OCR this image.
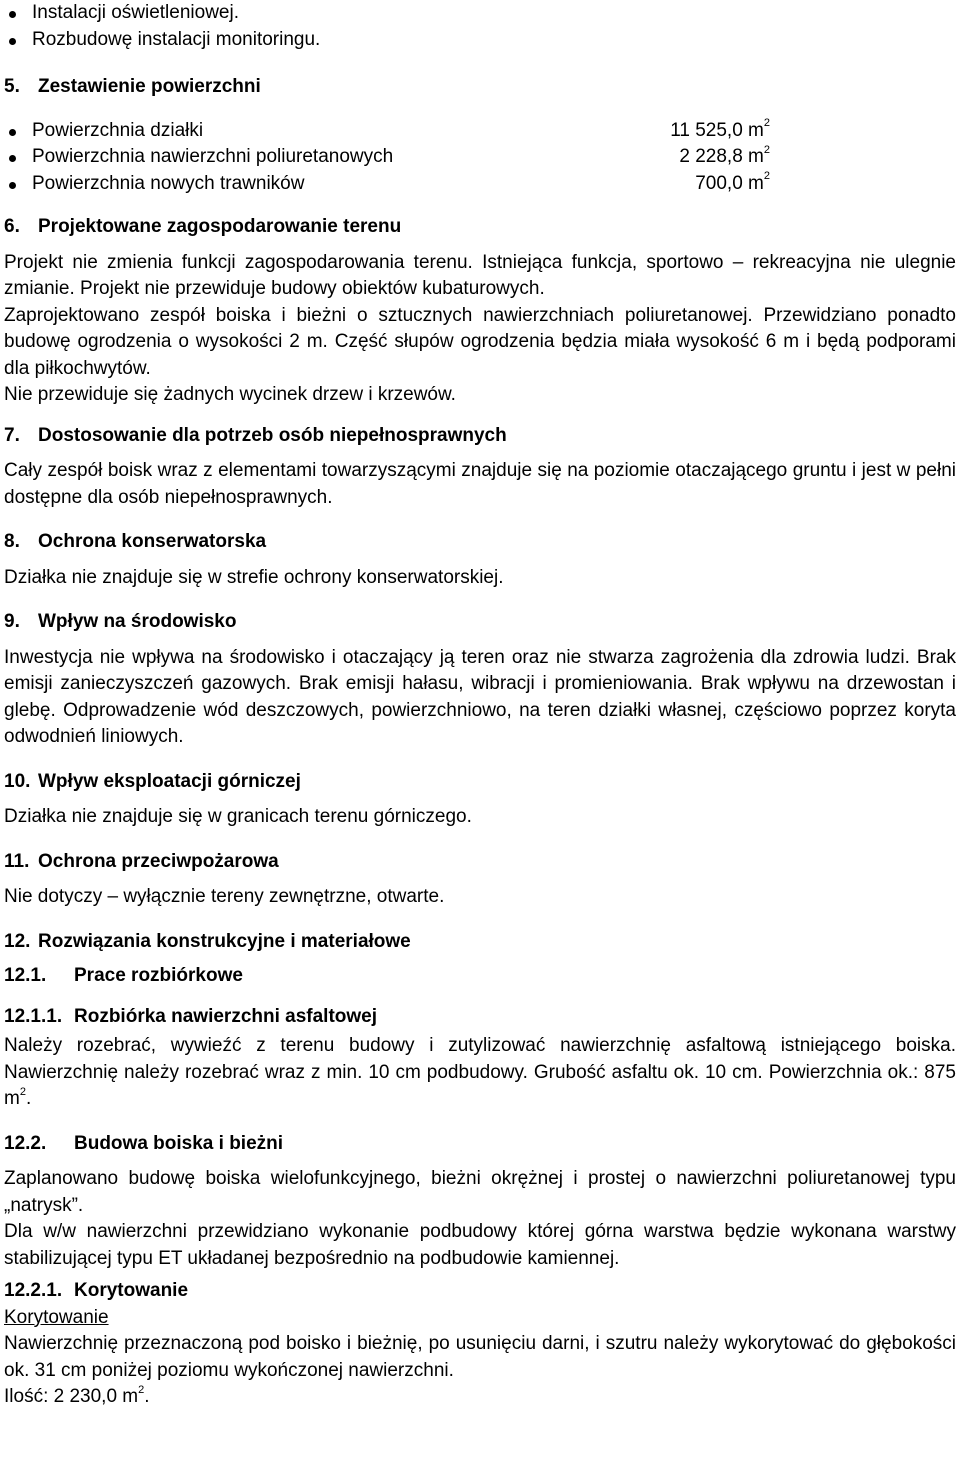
Instalacji oświetleniowej.
Rozbudowę instalacji monitoringu.
5. Zestawienie powierzchni
Powierzchnia działki	11 525,0 $m^2$
Powierzchnia nawierzchni poliuretanowych	2 228,8 $m^2$
Powierzchnia nowych trawników	700,0 $m^2$
6. Projektowane zagospodarowanie terenu

Projekt nie zmienia funkcji zagospodarowania terenu. Istniejąca funkcja, sportowo – rekreacyjna nie ulegnie zmianie. Projekt nie przewiduje budowy obiektów kubaturowych.

Zaprojektowano zespół boiska i bieżni o sztucznych nawierzchniach poliuretanowej. Przewidziano ponadto budowę ogrodzenia o wysokości 2 m. Część słupów ogrodzenia będzia miała wysokość 6 m i będą podporami dla piłkochwytów.

Nie przewiduje się żadnych wycinek drzew i krzewów.

7. Dostosowanie dla potrzeb osób niepełnosprawnych

Cały zespół boisk wraz z elementami towarzyszącymi znajduje się na poziomie otaczającego gruntu i jest w pełni dostępne dla osób niepełnosprawnych.

8. Ochrona konserwatorska

Działka nie znajduje się w strefie ochrony konserwatorskiej.

9. Wpływ na środowisko

Inwestycja nie wpływa na środowisko i otaczający ją teren oraz nie stwarza zagrożenia dla zdrowia ludzi. Brak emisji zanieczyszczeń gazowych. Brak emisji hałasu, wibracji i promieniowania. Brak wpływu na drzewostan i glebę. Odprowadzenie wód deszczowych, powierzchniowo, na teren działki własnej, częściowo poprzez koryta odwodnień liniowych.

10. Wpływ eksploatacji górniczej

Działka nie znajduje się w granicach terenu górniczego.

11. Ochrona przeciwpożarowa

Nie dotyczy – wyłącznie tereny zewnętrzne, otwarte.

12. Rozwiązania konstrukcyjne i materiałowe
12.1.	Prace rozbiórkowe
12.1.1. Rozbiórka nawierzchni asfaltowej

Należy rozebrać, wywieźć z terenu budowy i zutylizować nawierzchnię asfaltową istniejącego boiska. Nawierzchnię należy rozebrać wraz z min. 10 cm podbudowy. Grubość asfaltu ok. 10 cm. Powierzchnia ok.: 875 $m^2$.

12.2.	Budowa boiska i bieżni

Zaplanowano budowę boiska wielofunkcyjnego, bieżni okrężnej i prostej o nawierzchni poliuretanowej typu „natrysk”.

Dla w/w nawierzchni przewidziano wykonanie podbudowy której górna warstwa będzie wykonana warstwy stabilizującej typu ET układanej bezpośrednio na podbudowie kamiennej.

12.2.1. Korytowanie

Korytowanie

Nawierzchnię przeznaczoną pod boisko i bieżnię, po usunięciu darni, i szutru należy wykorytować do głębokości ok. 31 cm poniżej poziomu wykończonej nawierzchni.

Ilość: 2 230,0 $m^2$.
